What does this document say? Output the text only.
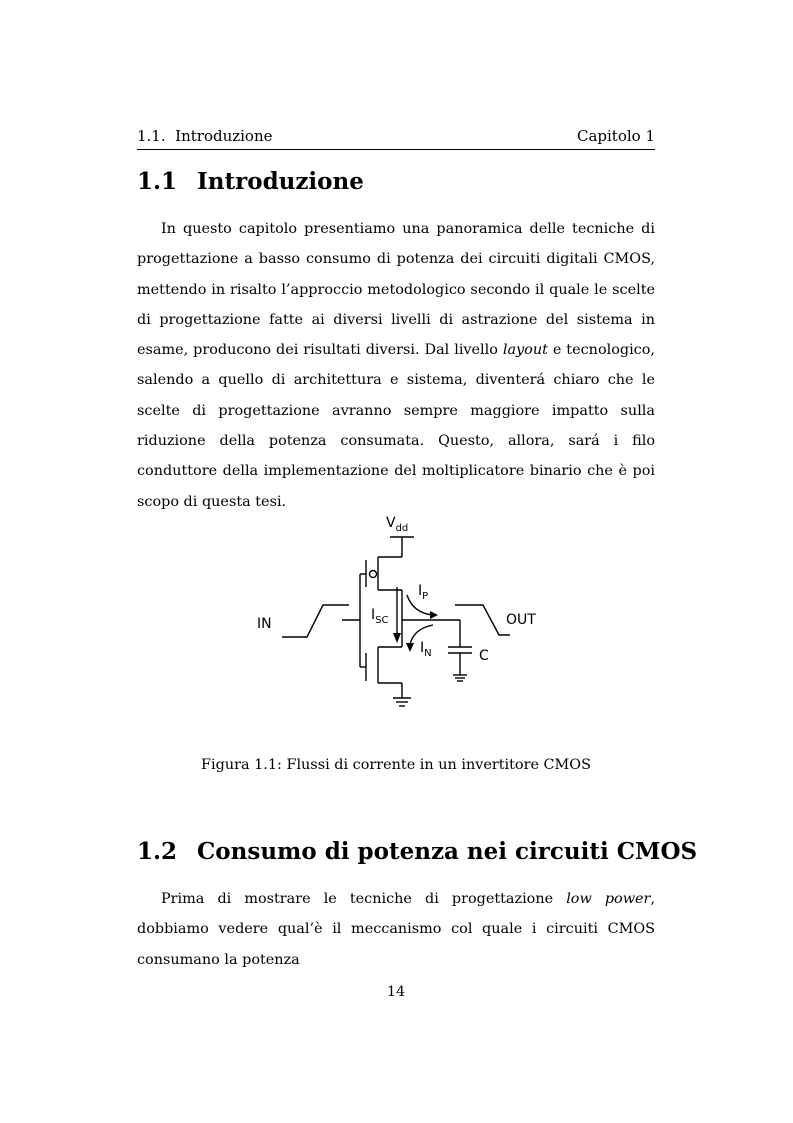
1.1.  Introduzione	Capitolo 1
1.1 Introduzione

In questo capitolo presentiamo una panoramica delle tecniche di progettazione a basso consumo di potenza dei circuiti digitali CMOS, mettendo in risalto l’approccio metodologico secondo il quale le scelte di progettazione fatte ai diversi livelli di astrazione del sistema in esame, producono dei risultati diversi. Dal livello layout e tecnologico, salendo a quello di architettura e sistema, diventerá chiaro che le scelte di progettazione avranno sempre maggiore impatto sulla riduzione della potenza consumata. Questo, allora, sará i filo conduttore della implementazione del moltiplicatore binario che è poi scopo di questa tesi.

$V_{dd}$
IN	OUT
$I_P$
$I_{SC}$
$I_N$	C
Figura 1.1: Flussi di corrente in un invertitore CMOS
1.2 Consumo di potenza nei circuiti CMOS

Prima di mostrare le tecniche di progettazione low power, dobbiamo vedere qual’è il meccanismo col quale i circuiti CMOS consumano la potenza

14
